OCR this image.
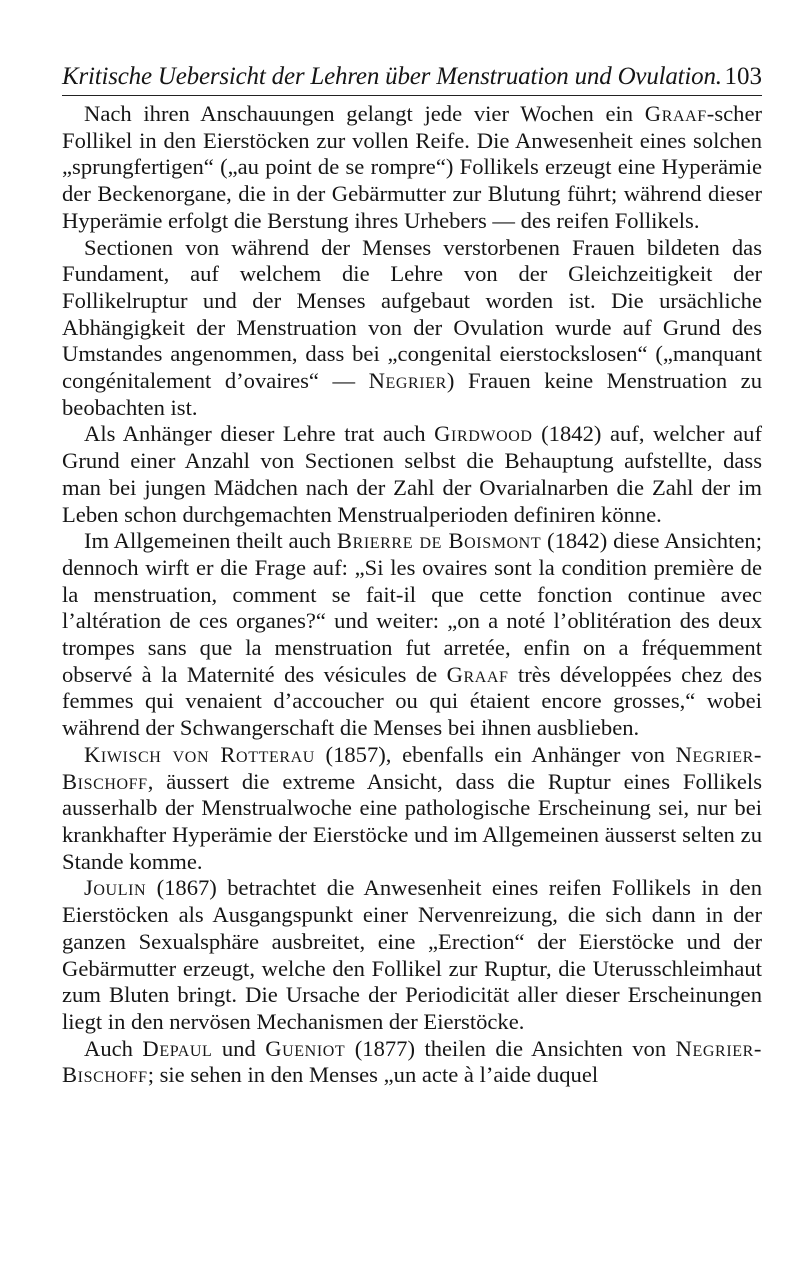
Kritische Uebersicht der Lehren über Menstruation und Ovulation. 103

Nach ihren Anschauungen gelangt jede vier Wochen ein Graaf-scher Follikel in den Eierstöcken zur vollen Reife. Die Anwesenheit eines solchen „sprungfertigen“ („au point de se rompre“) Follikels erzeugt eine Hyperämie der Beckenorgane, die in der Gebärmutter zur Blutung führt; während dieser Hyperämie erfolgt die Berstung ihres Urhebers — des reifen Follikels.

Sectionen von während der Menses verstorbenen Frauen bildeten das Fundament, auf welchem die Lehre von der Gleichzeitigkeit der Follikelruptur und der Menses aufgebaut worden ist. Die ursächliche Abhängigkeit der Menstruation von der Ovulation wurde auf Grund des Umstandes angenommen, dass bei „congenital eierstockslosen“ („manquant congénitalement d’ovaires“ — Negrier) Frauen keine Menstruation zu beobachten ist.

Als Anhänger dieser Lehre trat auch Girdwood (1842) auf, welcher auf Grund einer Anzahl von Sectionen selbst die Behauptung aufstellte, dass man bei jungen Mädchen nach der Zahl der Ovarialnarben die Zahl der im Leben schon durchgemachten Menstrualperioden definiren könne.

Im Allgemeinen theilt auch Brierre de Boismont (1842) diese Ansichten; dennoch wirft er die Frage auf: „Si les ovaires sont la condition première de la menstruation, comment se fait-il que cette fonction continue avec l’altération de ces organes?“ und weiter: „on a noté l’oblitération des deux trompes sans que la menstruation fut arretée, enfin on a fréquemment observé à la Maternité des vésicules de Graaf très développées chez des femmes qui venaient d’accoucher ou qui étaient encore grosses,“ wobei während der Schwangerschaft die Menses bei ihnen ausblieben.

Kiwisch von Rotterau (1857), ebenfalls ein Anhänger von Negrier-Bischoff, äussert die extreme Ansicht, dass die Ruptur eines Follikels ausserhalb der Menstrualwoche eine pathologische Erscheinung sei, nur bei krankhafter Hyperämie der Eierstöcke und im Allgemeinen äusserst selten zu Stande komme.

Joulin (1867) betrachtet die Anwesenheit eines reifen Follikels in den Eierstöcken als Ausgangspunkt einer Nervenreizung, die sich dann in der ganzen Sexualsphäre ausbreitet, eine „Erection“ der Eierstöcke und der Gebärmutter erzeugt, welche den Follikel zur Ruptur, die Uterusschleimhaut zum Bluten bringt. Die Ursache der Periodicität aller dieser Erscheinungen liegt in den nervösen Mechanismen der Eierstöcke.

Auch Depaul und Gueniot (1877) theilen die Ansichten von Negrier-Bischoff; sie sehen in den Menses „un acte à l’aide duquel
